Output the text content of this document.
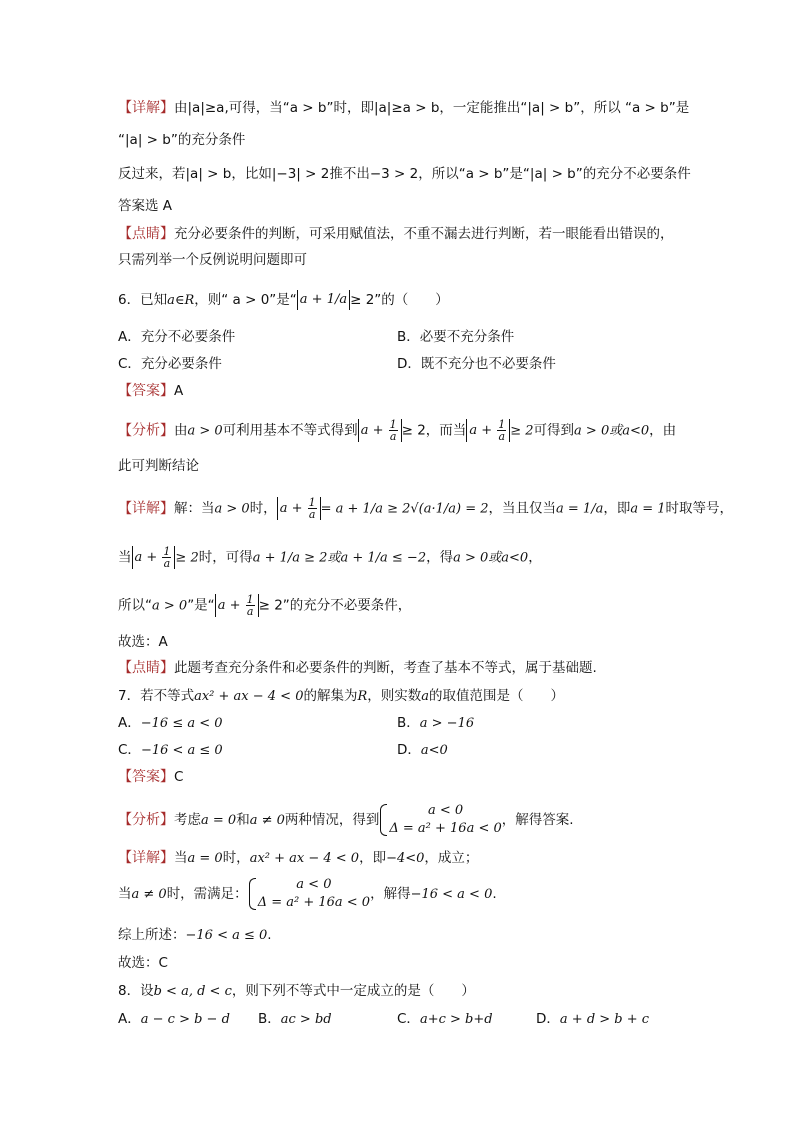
【 详解 】 由|a|≥a,可得，当“a > b”时，即|a|≥a > b，一定能推出“|a| > b”，所以 “a > b”是
“|a| > b”的充分条件
反过来，若|a| > b，比如|−3| > 2推不出−3 > 2，所以“a > b”是“|a| > b”的充分不必要条件
答案选 A
【 点睛 】 充分必要条件的判断，可采用赋值法，不重不漏去进行判断，若一眼能看出错误的，
只需列举一个反例说明问题即可
6．已知a∈R，则“ a > 0”是“ a + 1/a ≥ 2”的（　　）
A．充分不必要条件	B．必要不充分条件
C．充分必要条件	D．既不充分也不必要条件
【 答案 】 A
【 分析 】 由a > 0可利用基本不等式得到 $a + \frac{1}{a} \ge 2$，而当 $a + \frac{1}{a} \ge 2$可得到a > 0或a<0，由
此可判断结论
【 详解 】 解：当a > 0时， $a + \frac{1}{a} = a + 1/a \ge 2√(a\cdot 1/a) = 2$，当且仅当a = 1/a，即a = 1时取等号，
当 $a + \frac{1}{a} \ge 2$时，可得a + 1/a ≥ 2或a + 1/a ≤ −2，得a > 0或a<0，
所以“a > 0”是“ $a + \frac{1}{a} \ge 2$”的充分不必要条件，
故选：A
【 点睛 】 此题考查充分条件和必要条件的判断，考查了基本不等式，属于基础题.
7．若不等式ax² + ax − 4 < 0的解集为R，则实数a的取值范围是（　　）
A．−16 ≤ a < 0	B．a > −16
C．−16 < a ≤ 0	D．a<0
【 答案 】 C
【 分析 】 考虑a = 0和a ≠ 0两种情况，得到
a < 0
Δ = a² + 16a < 0
，解得答案.
【 详解 】 当a = 0时，ax² + ax − 4 < 0，即−4<0，成立；
当a ≠ 0时，需满足：
a < 0
Δ = a² + 16a < 0
，解得−16 < a < 0.
综上所述：−16 < a ≤ 0.
故选：C
8．设b < a, d < c，则下列不等式中一定成立的是（　　）
A．a − c > b − d B．ac > bd	C．a+c > b+d	D．a + d > b + c
